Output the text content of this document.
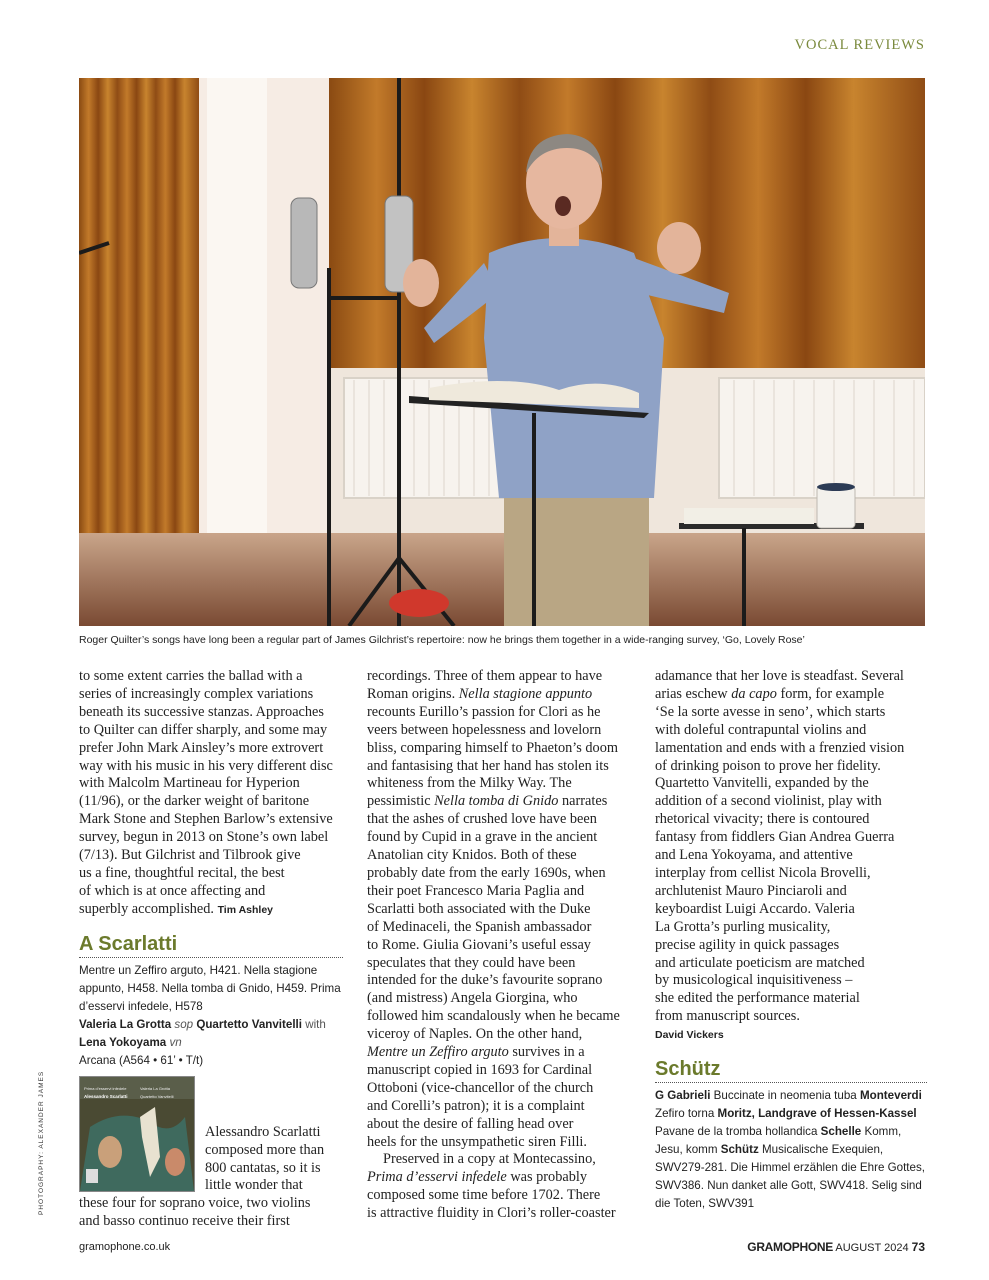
VOCAL REVIEWS
Roger Quilter’s songs have long been a regular part of James Gilchrist’s repertoire: now he brings them together in a wide-ranging survey, ‘Go, Lovely Rose’
PHOTOGRAPHY: ALEXANDER JAMES

to some extent carries the ballad with a
series of increasingly complex variations
beneath its successive stanzas. Approaches
to Quilter can differ sharply, and some may
prefer John Mark Ainsley’s more extrovert
way with his music in his very different disc
with Malcolm Martineau for Hyperion
(11/96), or the darker weight of baritone
Mark Stone and Stephen Barlow’s extensive
survey, begun in 2013 on Stone’s own label
(7/13). But Gilchrist and Tilbrook give
us a fine, thoughtful recital, the best
of which is at once affecting and
superbly accomplished. Tim Ashley

A Scarlatti
Mentre un Zeffiro arguto, H421. Nella stagione appunto, H458. Nella tomba di Gnido, H459. Prima d’esservi infedele, H578
Valeria La Grotta sop Quartetto Vanvitelli with
Lena Yokoyama vn
Arcana (A564 • 61’ • T/t)
Prima d’esservi infedele	Valeria La Grotta
Alessandro Scarlatti	Quartetto Vanvitelli
Alessandro Scarlatti
composed more than
800 cantatas, so it is
little wonder that
these four for soprano voice, two violins
and basso continuo receive their first

recordings. Three of them appear to have
Roman origins. Nella stagione appunto
recounts Eurillo’s passion for Clori as he
veers between hopelessness and lovelorn
bliss, comparing himself to Phaeton’s doom
and fantasising that her hand has stolen its
whiteness from the Milky Way. The
pessimistic Nella tomba di Gnido narrates
that the ashes of crushed love have been
found by Cupid in a grave in the ancient
Anatolian city Knidos. Both of these
probably date from the early 1690s, when
their poet Francesco Maria Paglia and
Scarlatti both associated with the Duke
of Medinaceli, the Spanish ambassador
to Rome. Giulia Giovani’s useful essay
speculates that they could have been
intended for the duke’s favourite soprano
(and mistress) Angela Giorgina, who
followed him scandalously when he became
viceroy of Naples. On the other hand,
Mentre un Zeffiro arguto survives in a
manuscript copied in 1693 for Cardinal
Ottoboni (vice-chancellor of the church
and Corelli’s patron); it is a complaint
about the desire of falling head over
heels for the unsympathetic siren Filli.

Preserved in a copy at Montecassino,
Prima d’esservi infedele was probably
composed some time before 1702. There
is attractive fluidity in Clori’s roller-coaster

adamance that her love is steadfast. Several
arias eschew da capo form, for example
‘Se la sorte avesse in seno’, which starts
with doleful contrapuntal violins and
lamentation and ends with a frenzied vision
of drinking poison to prove her fidelity.
Quartetto Vanvitelli, expanded by the
addition of a second violinist, play with
rhetorical vivacity; there is contoured
fantasy from fiddlers Gian Andrea Guerra
and Lena Yokoyama, and attentive
interplay from cellist Nicola Brovelli,
archlutenist Mauro Pinciaroli and
keyboardist Luigi Accardo. Valeria
La Grotta’s purling musicality,
precise agility in quick passages
and articulate poeticism are matched
by musicological inquisitiveness –
she edited the performance material
from manuscript sources.
David Vickers

Schütz
G Gabrieli Buccinate in neomenia tuba Monteverdi Zefiro torna Moritz, Landgrave of Hessen-Kassel Pavane de la tromba hollandica Schelle Komm, Jesu, komm Schütz Musicalische Exequien, SWV279-281. Die Himmel erzählen die Ehre Gottes, SWV386. Nun danket alle Gott, SWV418. Selig sind die Toten, SWV391
gramophone.co.uk	GRAMOPHONE AUGUST 2024 73
